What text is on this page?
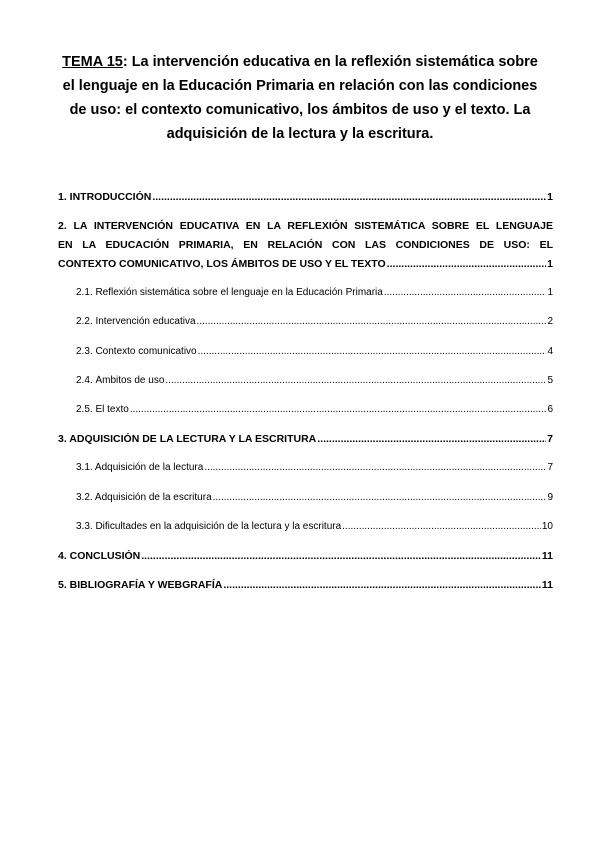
TEMA 15: La intervención educativa en la reflexión sistemática sobre el lenguaje en la Educación Primaria en relación con las condiciones de uso: el contexto comunicativo, los ámbitos de uso y el texto. La adquisición de la lectura y la escritura.
1. INTRODUCCIÓN .....	1
2. LA INTERVENCIÓN EDUCATIVA EN LA REFLEXIÓN SISTEMÁTICA SOBRE EL LENGUAJE
EN LA EDUCACIÓN PRIMARIA, EN RELACIÓN CON LAS CONDICIONES DE USO: EL
CONTEXTO COMUNICATIVO, LOS ÁMBITOS DE USO Y EL TEXTO .....	1
2.1. Reflexión sistemática sobre el lenguaje en la Educación Primaria .....	1
2.2. Intervención educativa .....	2
2.3. Contexto comunicativo .....	4
2.4. Ámbitos de uso .....	5
2.5. El texto .....	6
3. ADQUISICIÓN DE LA LECTURA Y LA ESCRITURA .....	7
3.1. Adquisición de la lectura .....	7
3.2. Adquisición de la escritura .....	9
3.3. Dificultades en la adquisición de la lectura y la escritura .....	10
4. CONCLUSIÓN .....	11
5. BIBLIOGRAFÍA Y WEBGRAFÍA .....	11
